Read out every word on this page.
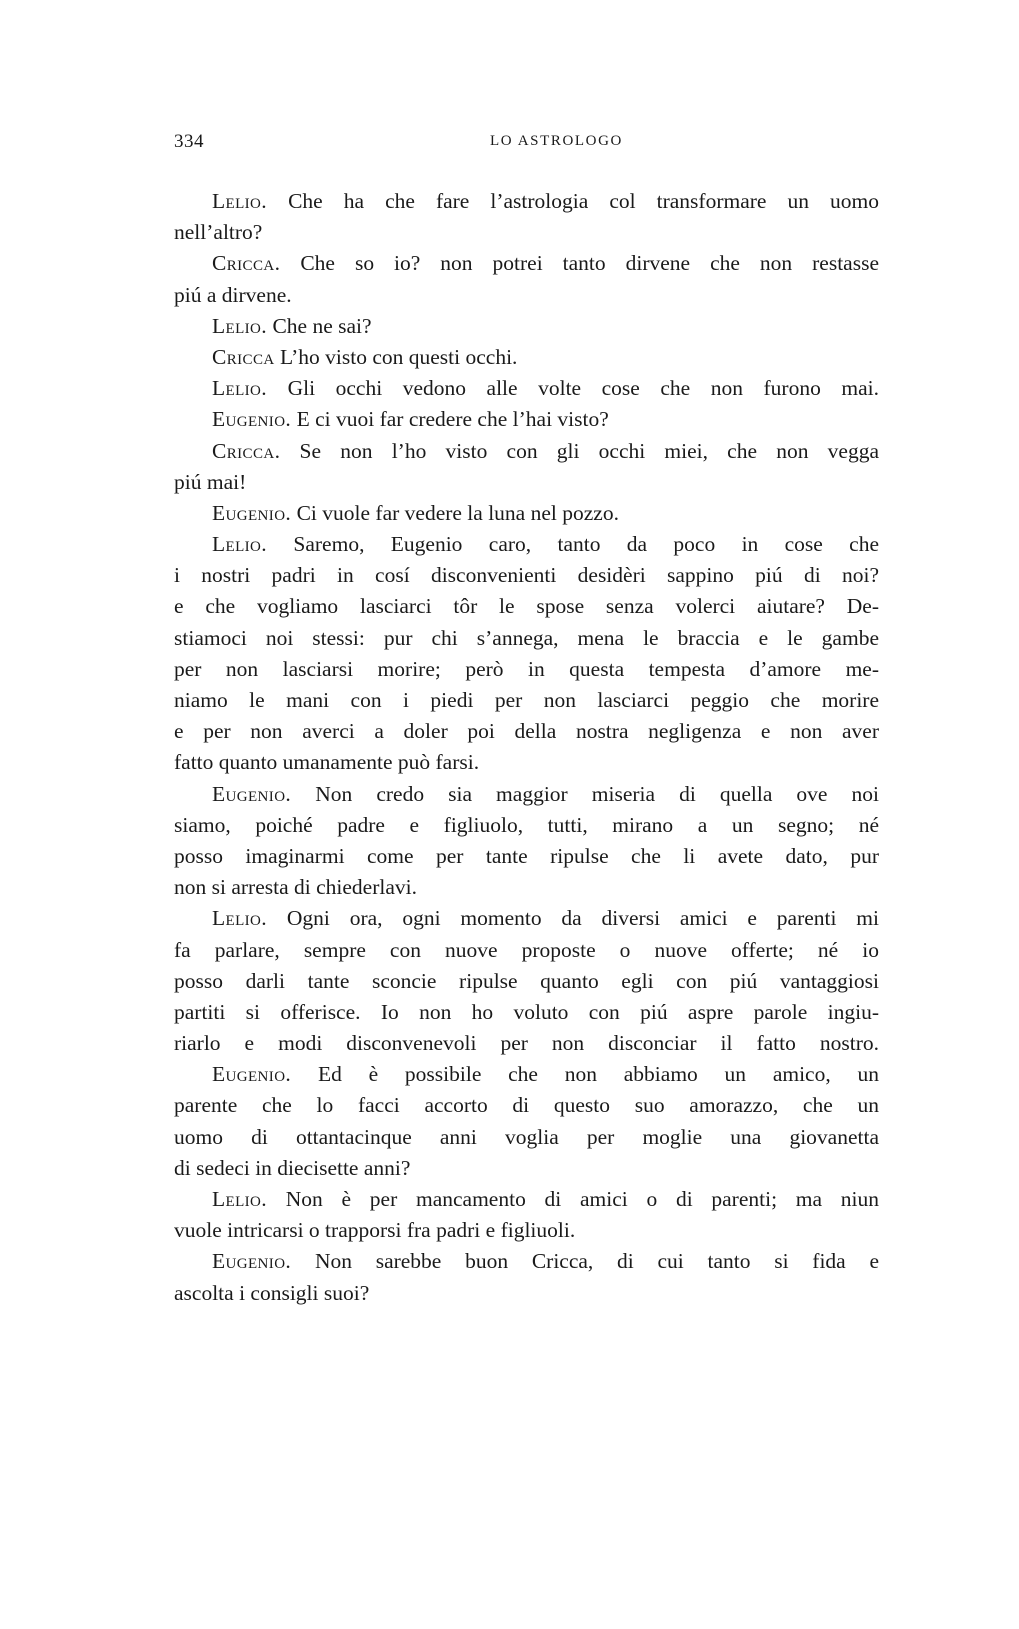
334	LO ASTROLOGO
Lelio. Che ha che fare l’astrologia col transformare un uomo
nell’altro?
Cricca. Che so io? non potrei tanto dirvene che non restasse
piú a dirvene.
Lelio. Che ne sai?
Cricca L’ho visto con questi occhi.
Lelio. Gli occhi vedono alle volte cose che non furono mai.
Eugenio. E ci vuoi far credere che l’hai visto?
Cricca. Se non l’ho visto con gli occhi miei, che non vegga
piú mai!
Eugenio. Ci vuole far vedere la luna nel pozzo.
Lelio. Saremo, Eugenio caro, tanto da poco in cose che
i nostri padri in cosí disconvenienti desidèri sappino piú di noi?
e che vogliamo lasciarci tôr le spose senza volerci aiutare? De-
stiamoci noi stessi: pur chi s’annega, mena le braccia e le gambe
per non lasciarsi morire; però in questa tempesta d’amore me-
niamo le mani con i piedi per non lasciarci peggio che morire
e per non averci a doler poi della nostra negligenza e non aver
fatto quanto umanamente può farsi.
Eugenio. Non credo sia maggior miseria di quella ove noi
siamo, poiché padre e figliuolo, tutti, mirano a un segno; né
posso imaginarmi come per tante ripulse che li avete dato, pur
non si arresta di chiederlavi.
Lelio. Ogni ora, ogni momento da diversi amici e parenti mi
fa parlare, sempre con nuove proposte o nuove offerte; né io
posso darli tante sconcie ripulse quanto egli con piú vantaggiosi
partiti si offerisce. Io non ho voluto con piú aspre parole ingiu-
riarlo e modi disconvenevoli per non disconciar il fatto nostro.
Eugenio. Ed è possibile che non abbiamo un amico, un
parente che lo facci accorto di questo suo amorazzo, che un
uomo di ottantacinque anni voglia per moglie una giovanetta
di sedeci in diecisette anni?
Lelio. Non è per mancamento di amici o di parenti; ma niun
vuole intricarsi o trapporsi fra padri e figliuoli.
Eugenio. Non sarebbe buon Cricca, di cui tanto si fida e
ascolta i consigli suoi?
